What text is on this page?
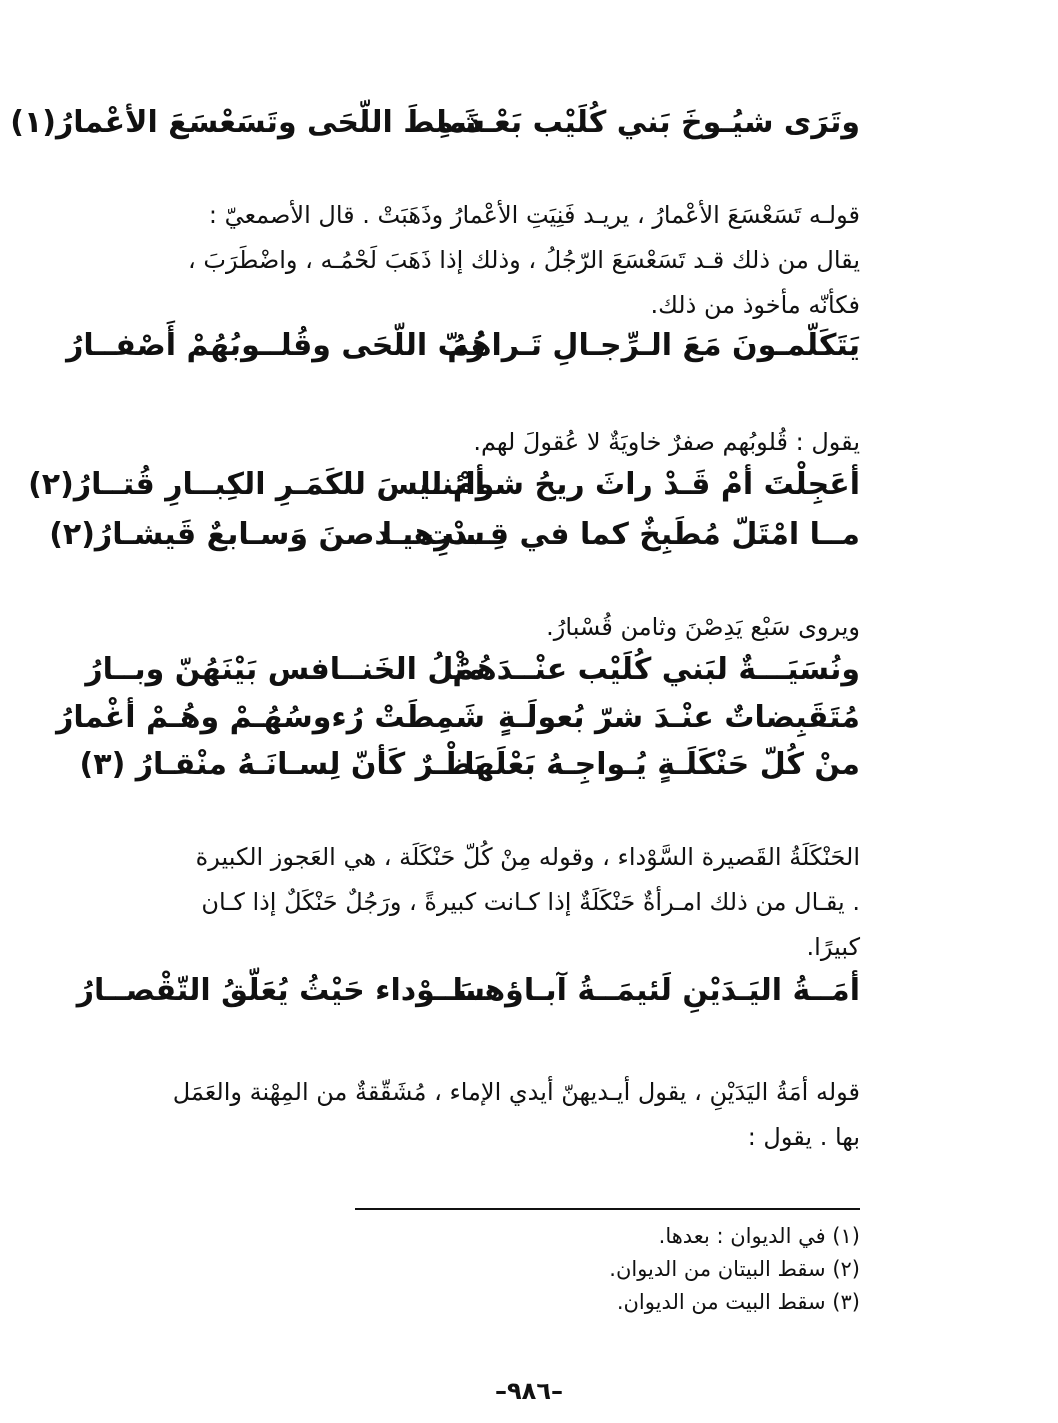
وتَرَى شيُـوخَ بَني كُلَيْب بَعْـدَما
شَمِطَ اللّحَى وتَسَعْسَعَ الأعْمارُ(١)
قولـه تَسَعْسَعَ الأعْمارُ ، يريـد فَنِيَتِ الأعْمارُ وذَهَبَتْ . قال الأصمعيّ :
يقال من ذلك قـد تَسَعْسَعَ الرّجُلُ ، وذلك إذا ذَهَبَ لَحْمُـه ، واضْطَرَبَ ،
فكأنّه مأخوذ من ذلك.
يَتَكَلّمـونَ مَعَ الـرِّجـالِ تَـراهُمُ
زُبّ اللّحَى وقُلــوبُهُمْ أَصْفــارُ
يقول : قُلوبُهم صفرٌ خاويَةٌ لا عُقولَ لهم.
أعَجِلْتَ أمْ قَـدْ راثَ ريحُ شوائنـا
أمْ ليسَ للكَمَـرِ الكِبــارِ قُتــارُ(٢)
مــا امْتَلّ مُطَبِخٌ كما في قِــدْرِهــا
ست يـدصنَ وَسـابعٌ قَيشـارُ(٢)
ويروى سَبْع يَدِصْنَ وثامن قُسْبارُ.
ونُسَيَـــةٌ لبَني كُلَيْب عنْــدَهُمْ
مثْلُ الخَنــافس بَيْنَهُنّ وبــارُ
مُتَقَبِضاتٌ عنْـدَ شرّ بُعولَـةٍ
شَمِطَتْ رُءوسُهُـمْ وهُـمْ أغْمارُ
منْ كُلّ حَنْكَلَـةٍ يُـواجِـهُ بَعْلَها
بَظْـرٌ كَأنّ لِسـانَـهُ منْقـارُ (٣)
الحَنْكَلَةُ القَصيرة السَّوْداء ، وقوله مِنْ كُلّ حَنْكَلَة ، هي العَجوز الكبيرة
. يقـال من ذلك امـرأةٌ حَنْكَلَةٌ إذا كـانت كبيرةً ، ورَجُلٌ حَنْكَلٌ إذا كـان
كبيرًا.
أمَــةُ اليَـدَيْنِ لَئيمَــةُ آبـاؤهــا
سَــوْداء حَيْثُ يُعَلّقُ التّقْصــارُ
قوله أمَةُ اليَدَيْنِ ، يقول أيـديهنّ أيدي الإماء ، مُشَقّقةٌ من المِهْنة والعَمَل
بها . يقول :
(١) في الديوان : بعدها.
(٢) سقط البيتان من الديوان.
(٣) سقط البيت من الديوان.
–٩٨٦–
